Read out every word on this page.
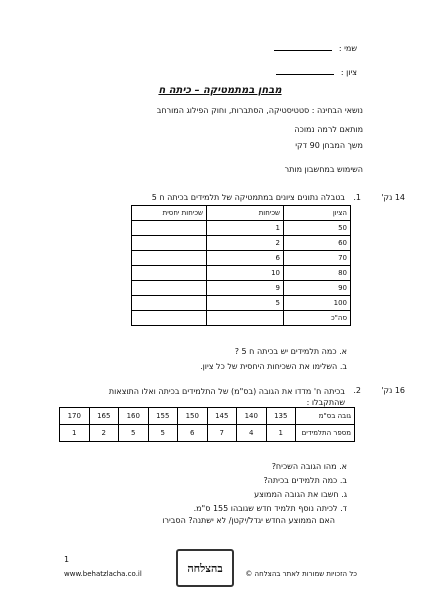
שמי :
ציון :
מבחן במתמטיקה – כיתה ח
נושאי הבחינה : סטטיסטיקה, הסתברות, וחוק הפילוג המורחב
מותאם לרמה נמוכה
משך המבחן 90 דקי
השימוש במחשבון מותר
14 נק'
1.
בטבלה נתונים ציונים במתמטיקה של תלמידים בכיתה ח 5
הציון	שכיחות	שכיחות יחסית
50	1	
60	2	
70	6	
80	10	
90	9	
100	5	
סה"כ		
א. כמה תלמידים יש בכיתה ח 5 ?
ב. השלימו את השכיחות היחסית של כל ציון.
16 נק'
2.
בכיתה ח' מדדו את הגובה (בס"מ) של התלמידים בכיתה ואלו התוצאות שהתקבלו :
גובה בס"מ	135	140	145	150	155	160	165	170
מספר התלמידים	1	4	7	6	5	5	2	1
א. מהו הגובה השכיח?
ב. כמה תלמידים בכיתה?
ג. חשבו את הגובה הממוצע
ד. לכיתה נוסף תלמיד חדש שגובהו 155 ס"מ.
האם הממוצע החדש יגדל/יקטן/ לא ישתנה? הסבירו
1
www.behatzlacha.co.il	בהצלחה	כל הזכויות שמורות לאתר בהצלחה ©
